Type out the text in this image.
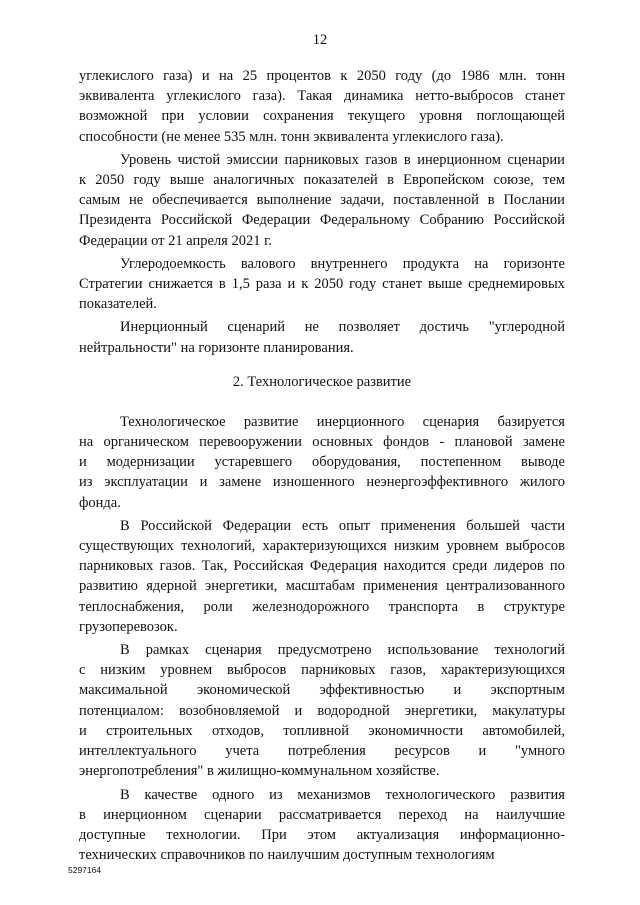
12
углекислого газа) и на 25 процентов к 2050 году (до 1986 млн. тонн
эквивалента углекислого газа). Такая динамика нетто-выбросов станет
возможной при условии сохранения текущего уровня поглощающей
способности (не менее 535 млн. тонн эквивалента углекислого газа).
Уровень чистой эмиссии парниковых газов в инерционном сценарии
к 2050 году выше аналогичных показателей в Европейском союзе, тем
самым не обеспечивается выполнение задачи, поставленной в Послании
Президента Российской Федерации Федеральному Собранию Российской
Федерации от 21 апреля 2021 г.
Углеродоемкость валового внутреннего продукта на горизонте
Стратегии снижается в 1,5 раза и к 2050 году станет выше среднемировых
показателей.
Инерционный сценарий не позволяет достичь "углеродной
нейтральности" на горизонте планирования.

2. Технологическое развитие

Технологическое развитие инерционного сценария базируется
на органическом перевооружении основных фондов - плановой замене
и модернизации устаревшего оборудования, постепенном выводе
из эксплуатации и замене изношенного неэнергоэффективного жилого
фонда.
В Российской Федерации есть опыт применения большей части
существующих технологий, характеризующихся низким уровнем выбросов
парниковых газов. Так, Российская Федерация находится среди лидеров по
развитию ядерной энергетики, масштабам применения централизованного
теплоснабжения, роли железнодорожного транспорта в структуре
грузоперевозок.
В рамках сценария предусмотрено использование технологий
с низким уровнем выбросов парниковых газов, характеризующихся
максимальной экономической эффективностью и экспортным
потенциалом: возобновляемой и водородной энергетики, макулатуры
и строительных отходов, топливной экономичности автомобилей,
интеллектуального учета потребления ресурсов и "умного
энергопотребления" в жилищно-коммунальном хозяйстве.
В качестве одного из механизмов технологического развития
в инерционном сценарии рассматривается переход на наилучшие
доступные технологии. При этом актуализация информационно-
технических справочников по наилучшим доступным технологиям
5297164
